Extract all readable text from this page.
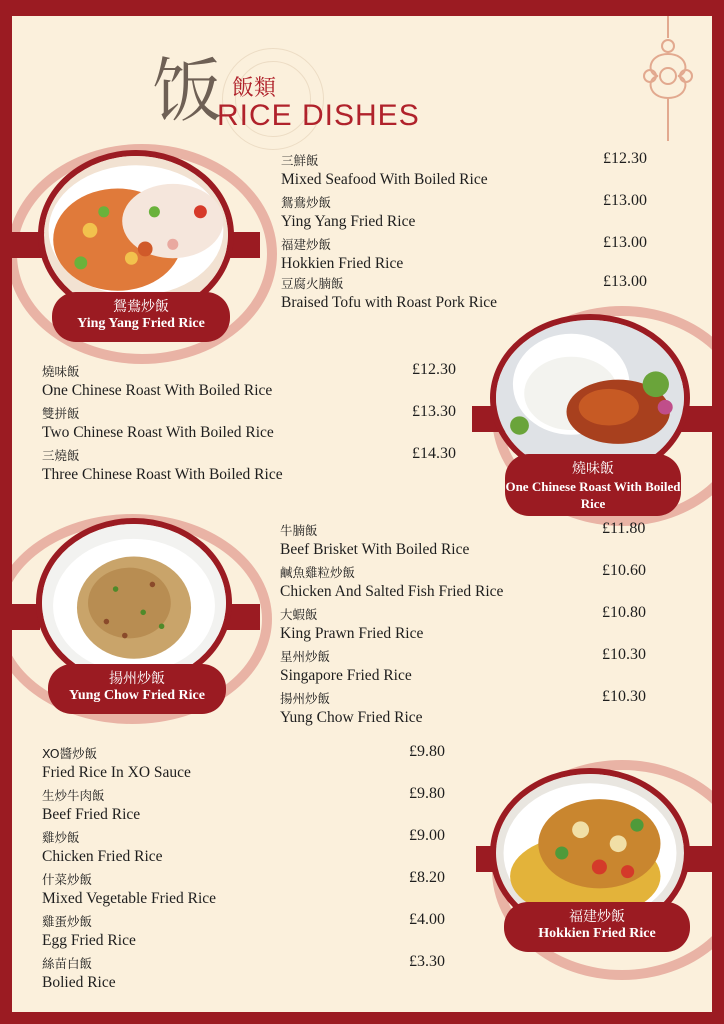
饭 飯類
RICE DISHES
鴛鴦炒飯
Ying Yang Fried Rice
燒味飯
One Chinese Roast With Boiled Rice
揚州炒飯
Yung Chow Fried Rice
福建炒飯
Hokkien Fried Rice
三鮮飯
Mixed Seafood With Boiled Rice
£12.30
鴛鴦炒飯
Ying Yang Fried Rice
£13.00
福建炒飯
Hokkien Fried Rice
£13.00
豆腐火腩飯
Braised Tofu with Roast Pork Rice
£13.00
燒味飯
One Chinese Roast With Boiled Rice
£12.30
雙拼飯
Two Chinese Roast With Boiled Rice
£13.30
三燒飯
Three Chinese Roast With Boiled Rice
£14.30
牛腩飯
Beef Brisket With Boiled Rice
£11.80
鹹魚雞粒炒飯
Chicken And Salted Fish Fried Rice
£10.60
大蝦飯
King Prawn Fried Rice
£10.80
星州炒飯
Singapore Fried Rice
£10.30
揚州炒飯
Yung Chow Fried Rice
£10.30
XO醬炒飯
Fried Rice In XO Sauce
£9.80
生炒牛肉飯
Beef Fried Rice
£9.80
雞炒飯
Chicken Fried Rice
£9.00
什菜炒飯
Mixed Vegetable Fried Rice
£8.20
雞蛋炒飯
Egg Fried Rice
£4.00
絲苗白飯
Bolied Rice
£3.30
